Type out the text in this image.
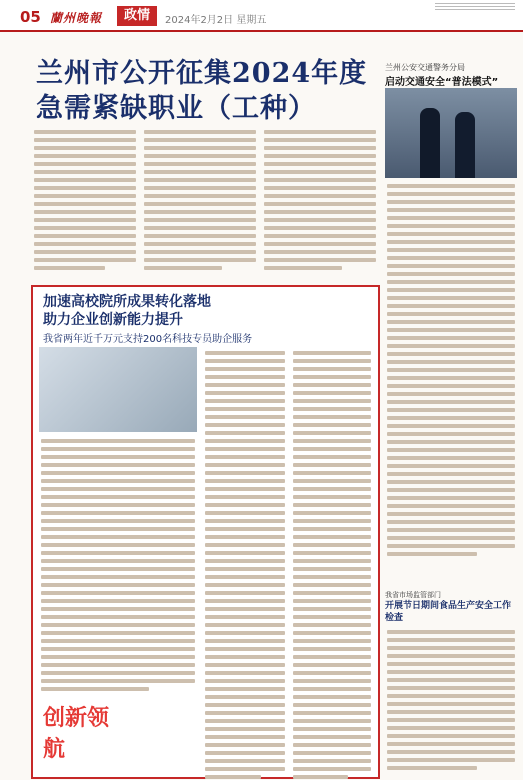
05 蘭州晚報	政情	2024年2月2日 星期五
兰州市公开征集2024年度
急需紧缺职业（工种）
兰州公安交通警务分局
启动交通安全“普法模式”
加速高校院所成果转化落地
助力企业创新能力提升
我省两年近千万元支持200名科技专员助企服务
创新领航
我省市场监管部门
开展节日期间食品生产安全工作检查
